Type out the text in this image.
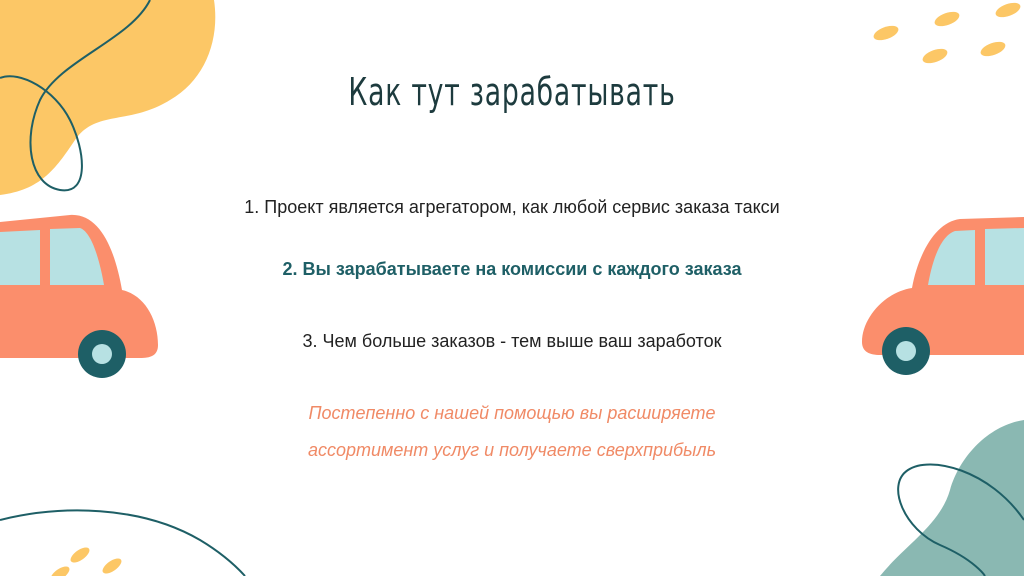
Как тут зарабатывать
1. Проект является агрегатором, как любой сервис заказа такси
2. Вы зарабатываете на комиссии с каждого заказа
3. Чем больше заказов - тем выше ваш заработок
Постепенно с нашей помощью вы расширяете
ассортимент услуг и получаете сверхприбыль
